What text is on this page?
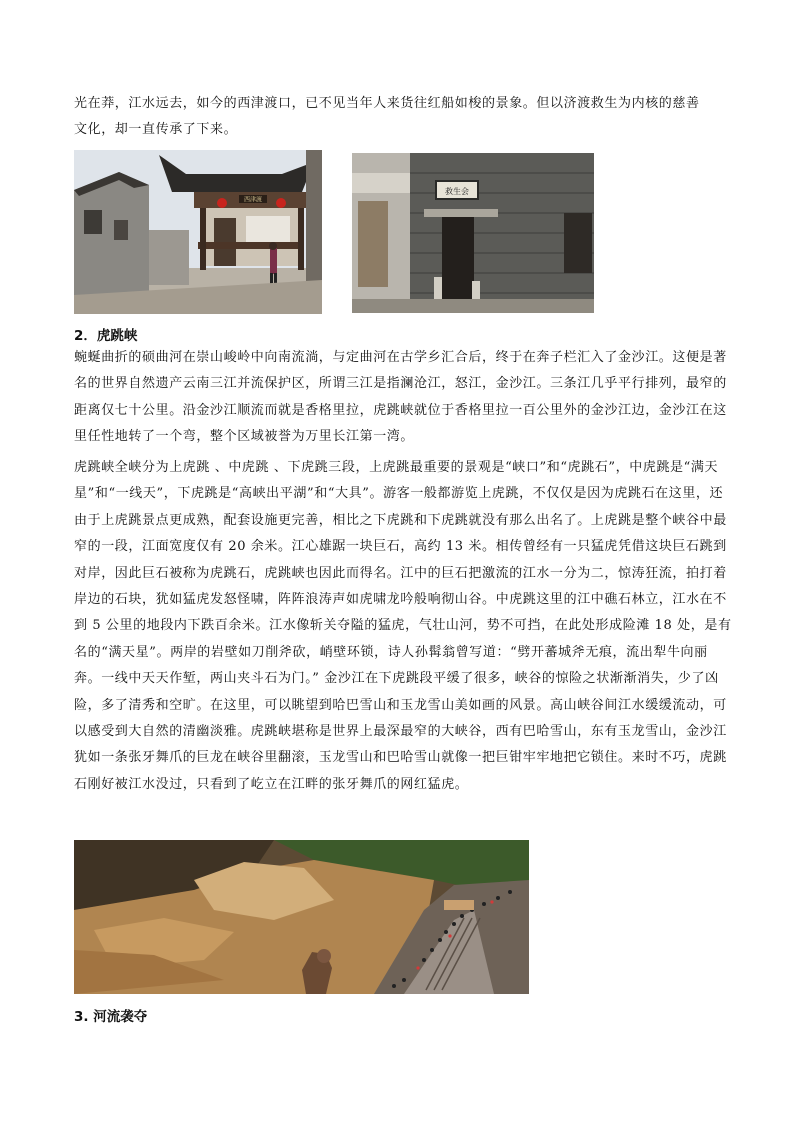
光在莽，江水远去，如今的西津渡口，已不见当年人来货往红船如梭的景象。但以济渡救生为内核的慈善
文化，却一直传承了下来。

西津渡
救生会
2．虎跳峡

蜿蜒曲折的硕曲河在崇山峻岭中向南流淌，与定曲河在古学乡汇合后，终于在奔子栏汇入了金沙江。这便是著名的世界自然遗产云南三江并流保护区，所谓三江是指澜沧江，怒江，金沙江。三条江几乎平行排列，最窄的距离仅七十公里。沿金沙江顺流而就是香格里拉，虎跳峡就位于香格里拉一百公里外的金沙江边，金沙江在这里任性地转了一个弯，整个区域被誉为万里长江第一湾。

虎跳峡全峡分为上虎跳 、中虎跳 、下虎跳三段，上虎跳最重要的景观是“峡口”和“虎跳石”，中虎跳是“满天星”和“一线天”，下虎跳是“高峡出平湖”和“大具”。游客一般都游览上虎跳，不仅仅是因为虎跳石在这里，还由于上虎跳景点更成熟，配套设施更完善，相比之下虎跳和下虎跳就没有那么出名了。上虎跳是整个峡谷中最窄的一段，江面宽度仅有 20 余米。江心雄踞一块巨石，高约 13 米。相传曾经有一只猛虎凭借这块巨石跳到对岸，因此巨石被称为虎跳石，虎跳峡也因此而得名。江中的巨石把激流的江水一分为二，惊涛狂流，拍打着岸边的石块，犹如猛虎发怒怪啸，阵阵浪涛声如虎啸龙吟般响彻山谷。中虎跳这里的江中礁石林立，江水在不到 5 公里的地段内下跌百余米。江水像斩关夺隘的猛虎，气壮山河，势不可挡，在此处形成险滩 18 处，是有名的“满天星”。两岸的岩壁如刀削斧砍，峭壁环锁，诗人孙髯翁曾写道：“劈开蕃城斧无痕，流出犁牛向丽奔。一线中天天作堑，两山夹斗石为门。” 金沙江在下虎跳段平缓了很多，峡谷的惊险之状渐渐消失，少了凶险，多了清秀和空旷。在这里，可以眺望到哈巴雪山和玉龙雪山美如画的风景。高山峡谷间江水缓缓流动，可以感受到大自然的清幽淡雅。虎跳峡堪称是世界上最深最窄的大峡谷，西有巴哈雪山，东有玉龙雪山，金沙江犹如一条张牙舞爪的巨龙在峡谷里翻滚，玉龙雪山和巴哈雪山就像一把巨钳牢牢地把它锁住。来时不巧，虎跳石刚好被江水没过，只看到了屹立在江畔的张牙舞爪的网红猛虎。

3. 河流袭夺
